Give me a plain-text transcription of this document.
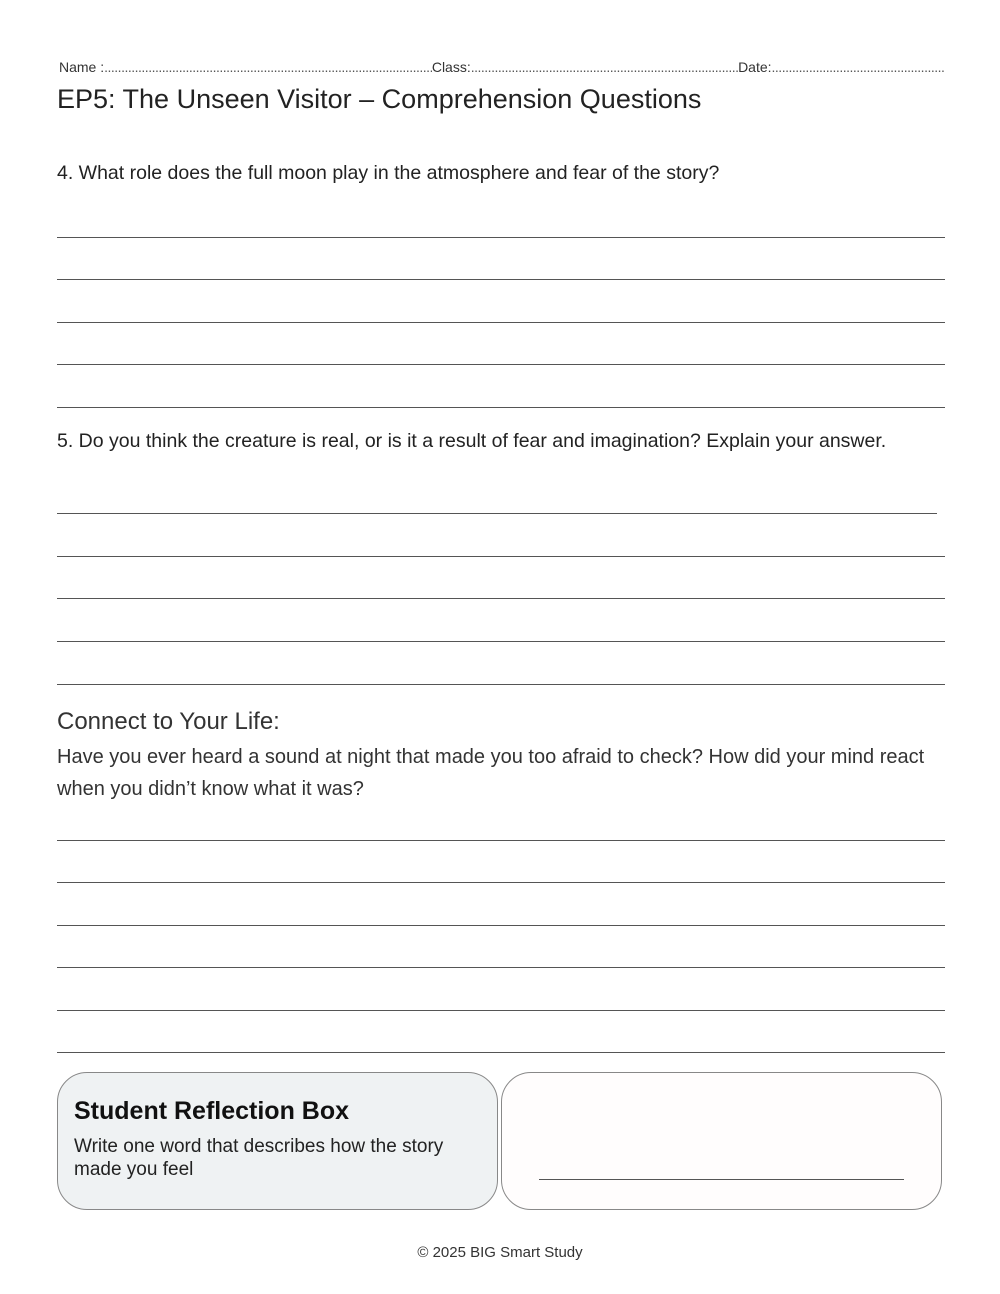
Name : .....	Class: .....	Date:
.....
EP5: The Unseen Visitor – Comprehension Questions
4. What role does the full moon play in the atmosphere and fear of the story?
5. Do you think the creature is real, or is it a result of fear and imagination? Explain your answer.
Connect to Your Life:
Have you ever heard a sound at night that made you too afraid to check? How did your mind react when you didn’t know what it was?
Student Reflection Box
Write one word that describes how the story made you feel
© 2025 BIG Smart Study
